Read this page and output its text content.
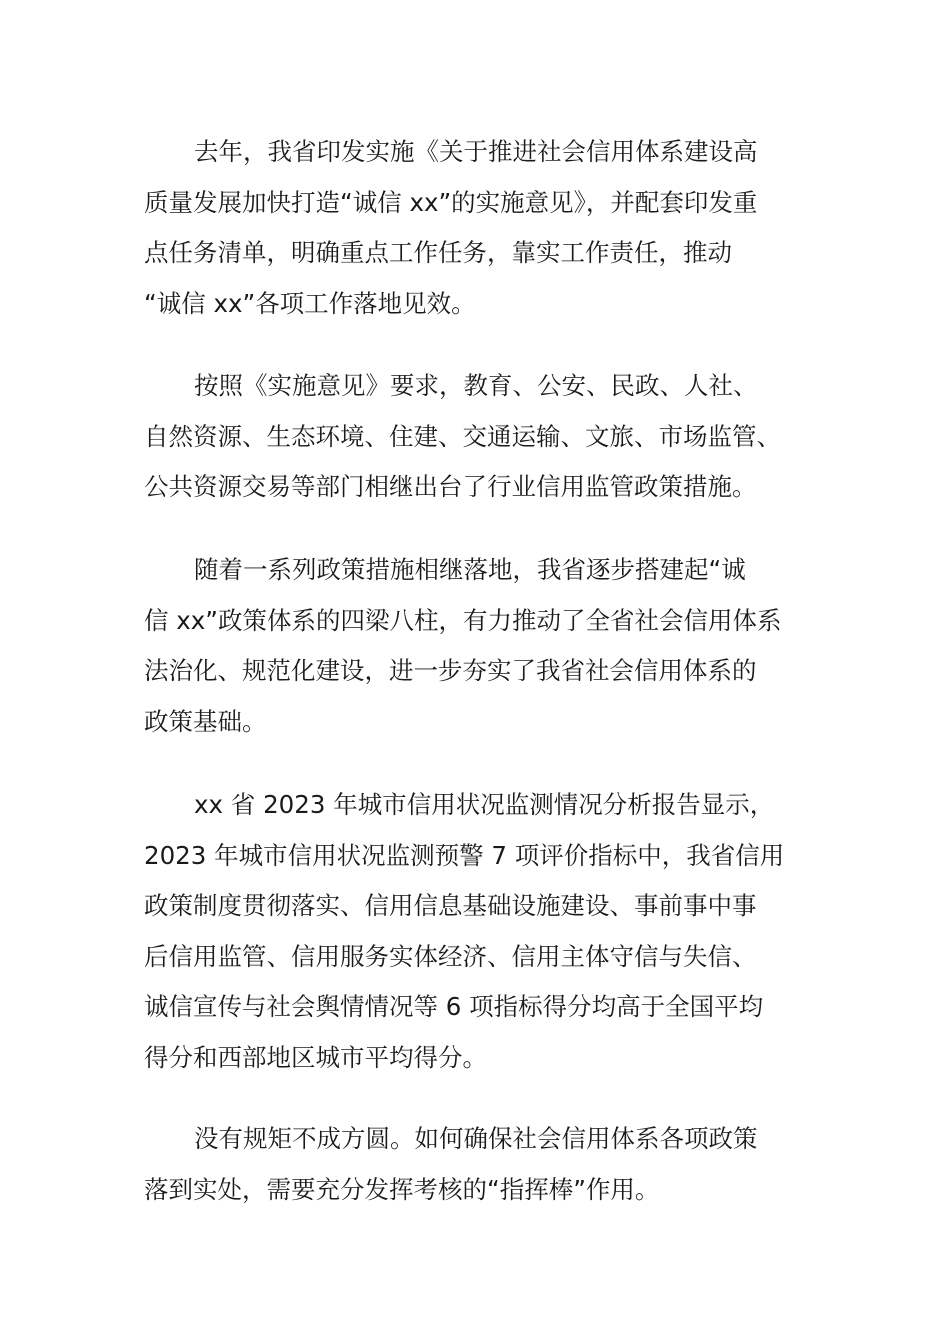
去年，我省印发实施《关于推进社会信用体系建设高
质量发展加快打造“诚信 xx”的实施意见》，并配套印发重
点任务清单，明确重点工作任务，靠实工作责任，推动
“诚信 xx”各项工作落地见效。

按照《实施意见》要求，教育、公安、民政、人社、
自然资源、生态环境、住建、交通运输、文旅、市场监管、
公共资源交易等部门相继出台了行业信用监管政策措施。

随着一系列政策措施相继落地，我省逐步搭建起“诚
信 xx”政策体系的四梁八柱，有力推动了全省社会信用体系
法治化、规范化建设，进一步夯实了我省社会信用体系的
政策基础。

xx 省 2023 年城市信用状况监测情况分析报告显示，
2023 年城市信用状况监测预警 7 项评价指标中，我省信用
政策制度贯彻落实、信用信息基础设施建设、事前事中事
后信用监管、信用服务实体经济、信用主体守信与失信、
诚信宣传与社会舆情情况等 6 项指标得分均高于全国平均
得分和西部地区城市平均得分。

没有规矩不成方圆。如何确保社会信用体系各项政策
落到实处，需要充分发挥考核的“指挥棒”作用。
